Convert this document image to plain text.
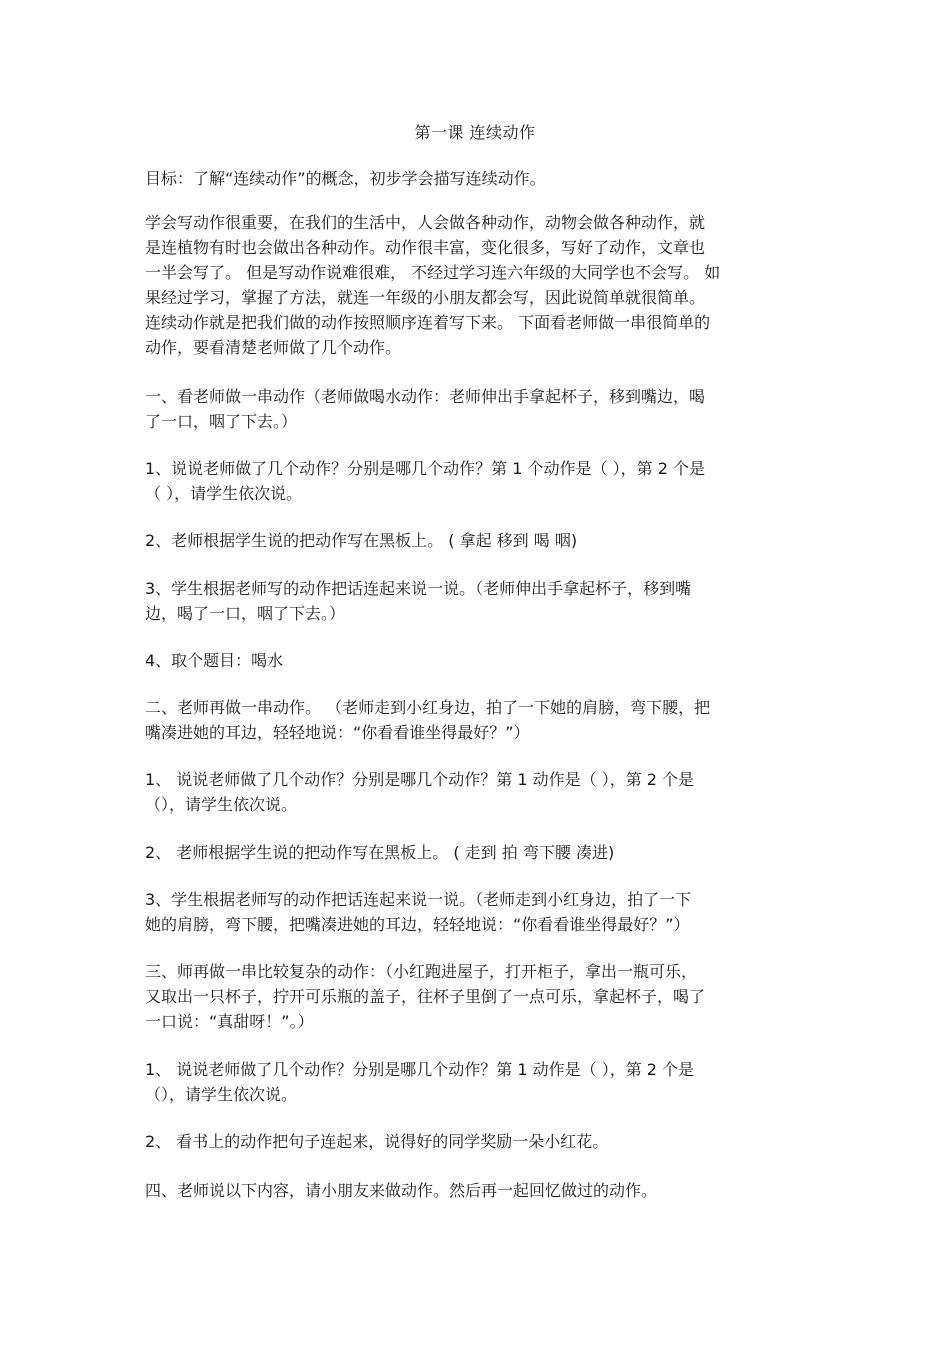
第一课 连续动作
目标：了解“连续动作”的概念，初步学会描写连续动作。
学会写动作很重要，在我们的生活中，人会做各种动作，动物会做各种动作，就
是连植物有时也会做出各种动作。动作很丰富，变化很多，写好了动作，文章也
一半会写了。 但是写动作说难很难， 不经过学习连六年级的大同学也不会写。 如
果经过学习，掌握了方法，就连一年级的小朋友都会写，因此说简单就很简单。
连续动作就是把我们做的动作按照顺序连着写下来。 下面看老师做一串很简单的
动作，要看清楚老师做了几个动作。
一、看老师做一串动作（老师做喝水动作：老师伸出手拿起杯子，移到嘴边，喝
了一口，咽了下去。）
1、说说老师做了几个动作？分别是哪几个动作？第 1 个动作是（ ），第 2 个是
（ ），请学生依次说。
2、老师根据学生说的把动作写在黑板上。 ( 拿起 移到 喝 咽)
3、学生根据老师写的动作把话连起来说一说。（老师伸出手拿起杯子，移到嘴
边，喝了一口，咽了下去。）
4、取个题目：喝水
二、老师再做一串动作。 （老师走到小红身边，拍了一下她的肩膀，弯下腰，把
嘴凑进她的耳边，轻轻地说：“你看看谁坐得最好？”）
1、 说说老师做了几个动作？分别是哪几个动作？第 1 动作是（ ），第 2 个是
（），请学生依次说。
2、 老师根据学生说的把动作写在黑板上。 ( 走到 拍 弯下腰 凑进)
3、学生根据老师写的动作把话连起来说一说。（老师走到小红身边，拍了一下
她的肩膀，弯下腰，把嘴凑进她的耳边，轻轻地说：“你看看谁坐得最好？”）
三、师再做一串比较复杂的动作：（小红跑进屋子，打开柜子，拿出一瓶可乐，
又取出一只杯子，拧开可乐瓶的盖子，往杯子里倒了一点可乐，拿起杯子，喝了
一口说：“真甜呀！”。）
1、 说说老师做了几个动作？分别是哪几个动作？第 1 动作是（ ），第 2 个是
（），请学生依次说。
2、 看书上的动作把句子连起来，说得好的同学奖励一朵小红花。
四、老师说以下内容，请小朋友来做动作。然后再一起回忆做过的动作。
